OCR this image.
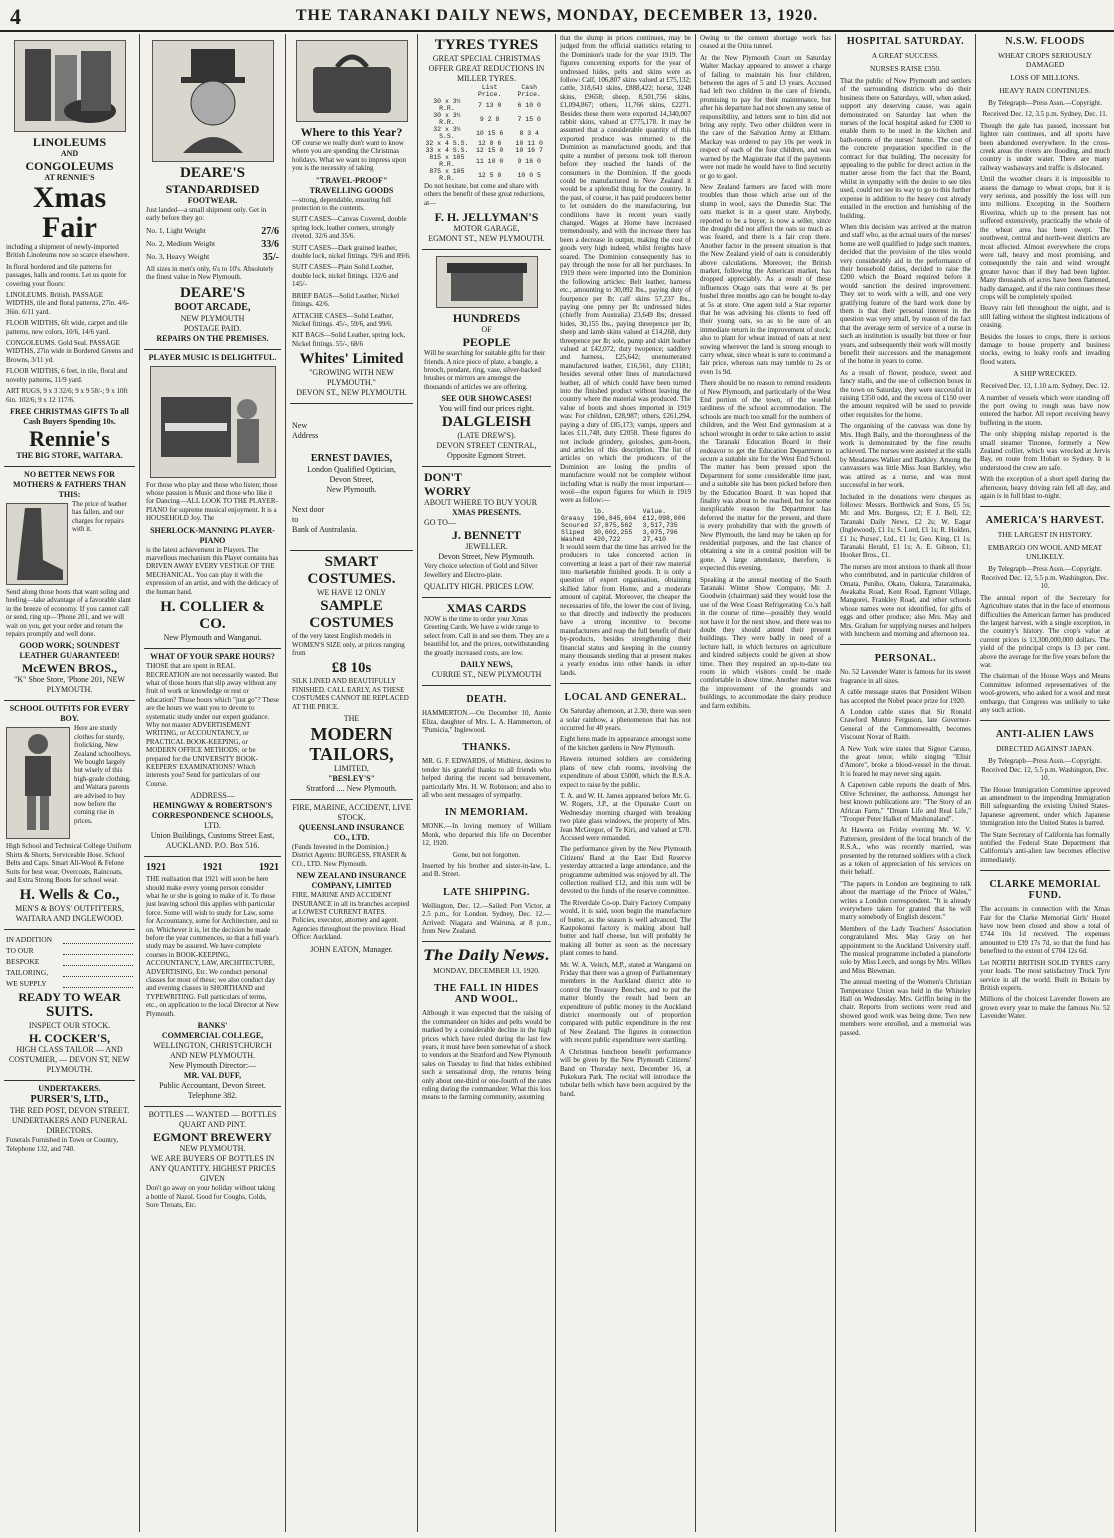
4	THE TARANAKI DAILY NEWS, MONDAY, DECEMBER 13, 1920.
LINOLEUMS
AND
CONGOLEUMS
AT RENNIE'S
Xmas Fair

including a shipment of newly-imported British Linoleums now so scarce elsewhere.

In floral bordered and tile patterns for passages, halls and rooms. Let us quote for covering your floors:

LINOLEUMS. British. PASSAGE WIDTHS, tile and floral patterns, 27in. 4/6-36in. 6/11 yard.

FLOOR WIDTHS, 6ft wide, carpet and tile patterns, new colors, 10/6, 14/6 yard.

CONGOLEUMS. Gold Seal. PASSAGE WIDTHS, 27in wide in Bordered Greens and Browns, 3/11 yd.

FLOOR WIDTHS, 6 feet, in tile, floral and novelty patterns, 11/9 yard.

ART RUGS, 9 x 3 32/6; 9 x 9 58/-; 9 x 10ft 6in. 102/6; 9 x 12 117/6.

FREE CHRISTMAS GIFTS To all Cash Buyers Spending 10s.
Rennie's
THE BIG STORE, WAITARA.
NO BETTER NEWS FOR MOTHERS & FATHERS THAN THIS:

The price of leather has fallen, and our charges for repairs with it.

Send along those boots that want soling and heeling—take advantage of a favorable slant in the breeze of economy. If you cannot call or send, ring up—'Phone 201, and we will wait on you, get your order and return the repairs promptly and well done.

GOOD WORK; SOUNDEST LEATHER GUARANTEED!
McEWEN BROS.,
"K" Shoe Store, 'Phone 201, NEW PLYMOUTH.
SCHOOL OUTFITS FOR EVERY BOY.

Here are sturdy clothes for sturdy, frolicking, New Zealand schoolboys. We bought largely but wisely of this high-grade clothing, and Waitara parents are advised to buy now before the coming rise in prices.

High School and Technical College Uniform Shirts & Shorts, Serviceable Hose. School Belts and Caps. Smart All-Wool & Felone Suits for best wear. Overcoats, Raincoats, and Extra Strong Boots for school wear.

H. Wells & Co.,
MEN'S & BOYS' OUTFITTERS, WAITARA AND INGLEWOOD.
IN ADDITION
TO OUR
BESPOKE
TAILORING,
WE SUPPLY
READY TO WEAR
SUITS.
INSPECT OUR STOCK.
H. COCKER'S,
HIGH CLASS TAILOR — AND COSTUMIER, — DEVON ST, NEW PLYMOUTH.
UNDERTAKERS.
PURSER'S, LTD.,
THE RED POST, DEVON STREET.
UNDERTAKERS AND FUNERAL DIRECTORS.

Funerals Furnished in Town or Country, Telephone 132, and 740.

DEARE'S
STANDARDISED
FOOTWEAR.

Just landed—a small shipment only. Get in early before they go:

No. 1, Light Weight	27/6
No. 2, Medium Weight	33/6
No. 3, Heavy Weight	35/-

All sizes in men's only, 6's to 10's. Absolutely the finest value in New Plymouth.

DEARE'S
BOOT ARCADE,
NEW PLYMOUTH
POSTAGE PAID.
REPAIRS ON THE PREMISES.
PLAYER MUSIC IS DELIGHTFUL.

For those who play and those who listen; those whose passion is Music and those who like it for Dancing—ALL LOOK TO THE PLAYER-PIANO for supreme musical enjoyment. It is a HOUSEHOLD Joy. The

SHERLOCK-MANNING PLAYER-PIANO

is the latest achievement in Players. The marvellous mechanism this Player contains has DRIVEN AWAY EVERY VESTIGE OF THE MECHANICAL. You can play it with the expression of an artist, and with the delicacy of the human hand.

H. COLLIER & CO.
New Plymouth and Wanganui.
WHAT OF YOUR SPARE HOURS?

THOSE that are spent in REAL RECREATION are not necessarily wasted. But what of those hours that slip away without any fruit of work or knowledge or rest or education? Those hours which "just go"? These are the hours we want you to devote to systematic study under our expert guidance. Why not master ADVERTISEMENT WRITING, or ACCOUNTANCY, or PRACTICAL BOOK-KEEPING, or MODERN OFFICE METHODS; or be prepared for the UNIVERSITY BOOK-KEEPERS' EXAMINATIONS? Which interests you? Send for particulars of our Course.

ADDRESS—
HEMINGWAY & ROBERTSON'S CORRESPONDENCE SCHOOLS,
LTD.
Union Buildings, Customs Street East, AUCKLAND. P.O. Box 516.
1921	1921	1921

THE realisation that 1921 will soon be here should make every young person consider what he or she is going to make of it. To those just leaving school this applies with particular force. Some will wish to study for Law, some for Accountancy, some for Architecture, and so on. Whichever it is, let the decision be made before the year commences, so that a full year's study may be assured. We have complete courses in BOOK-KEEPING, ACCOUNTANCY, LAW, ARCHITECTURE, ADVERTISING, Etc. We conduct personal classes for most of these; we also conduct day and evening classes in SHORTHAND and TYPEWRITING. Full particulars of terms, etc., on application to the local Director at New Plymouth.

BANKS'
COMMERCIAL COLLEGE,
WELLINGTON, CHRISTCHURCH AND NEW PLYMOUTH.
New Plymouth Director:—
MR. VAL DUFF,
Public Accountant, Devon Street. Telephone 382.
BOTTLES — WANTED — BOTTLES QUART AND PINT.
EGMONT BREWERY
NEW PLYMOUTH.
WE ARE BUYERS OF BOTTLES IN ANY QUANTITY. HIGHEST PRICES GIVEN

Don't go away on your holiday without taking a bottle of Nazol. Good for Coughs, Colds, Sore Throats, Etc.

Where to this Year?

OF course we really don't want to know where you are spending the Christmas holidays. What we want to impress upon you is the necessity of taking

"TRAVEL-PROOF"
TRAVELLING GOODS

—strong, dependable, ensuring full protection to the contents.

SUIT CASES—Canvas Covered, double spring lock, leather corners, strongly riveted. 32/6 and 35/6.

SUIT CASES—Dark grained leather, double lock, nickel fittings. 79/6 and 89/6.

SUIT CASES—Plain Solid Leather, double lock, nickel fittings. 132/6 and 145/-

BRIEF BAGS—Solid Leather, Nickel fittings. 42/6.

ATTACHE CASES—Solid Leather, Nickel fittings. 45/-, 59/6, and 99/6.

KIT BAGS—Solid Leather, spring lock, Nickel fittings. 55/-, 68/6

Whites' Limited
"GROWING WITH NEW PLYMOUTH."
DEVON ST., NEW PLYMOUTH.
New
Address
ERNEST DAVIES,
London Qualified Optician,
Devon Street,
New Plymouth.
Next door
to
Bank of Australasia.
SMART COSTUMES.
WE HAVE 12 ONLY
SAMPLE
COSTUMES

of the very latest English models in WOMEN'S SIZE only, at prices ranging from

£8 10s

SILK LINED AND BEAUTIFULLY FINISHED. CALL EARLY, AS THESE COSTUMES CANNOT BE REPLACED AT THE PRICE.

THE
MODERN
TAILORS,
LIMITED,
"BESLEY'S"
Stratford .... New Plymouth.
FIRE, MARINE, ACCIDENT, LIVE STOCK.
QUEENSLAND INSURANCE CO., LTD.

(Funds Invested in the Dominion.) District Agents: BURGESS, FRASER & CO., LTD. New Plymouth.

NEW ZEALAND INSURANCE COMPANY, LIMITED

FIRE, MARINE AND ACCIDENT INSURANCE in all its branches accepted at LOWEST CURRENT RATES. Policies, executor, attorney and agent. Agencies throughout the province. Head Office: Auckland.

JOHN EATON, Manager.
TYRES TYRES
GREAT SPECIAL CHRISTMAS OFFER GREAT REDUCTIONS IN MILLER TYRES.
	List Price.	Cash Price.
30 x 3½ R.R.	7 13 0	6 10 0
30 x 3½ R.R.	9 2 8	7 15 0
32 x 3½ S.S.	10 15 6	8 3 4
32 x 4 S.S.	12 8 6	10 11 0
33 x 4 S.S.	12 15 0	10 16 7
815 x 105 R.R.	11 10 0	9 16 0
875 x 105 R.R.	12 5 0	10 0 5

Do not hesitate, but come and share with others the benefit of these great reductions, at—

F. H. JELLYMAN'S
MOTOR GARAGE,
EGMONT ST., NEW PLYMOUTH.
HUNDREDS
OF
PEOPLE

Will be searching for suitable gifts for their friends. A nice piece of plate, a bangle, a brooch, pendant, ring, vase, silver-backed brushes or mirrors are amongst the thousands of articles we are offering.

SEE OUR SHOWCASES!
You will find our prices right.
DALGLEISH
(LATE DREW'S).
DEVON STREET CENTRAL, Opposite Egmont Street.
DON'T
WORRY
ABOUT WHERE TO BUY YOUR
XMAS PRESENTS.
GO TO—
J. BENNETT
JEWELLER.
Devon Street, New Plymouth.

Very choice selection of Gold and Silver Jewellery and Electro-plate.

QUALITY HIGH. PRICES LOW.
XMAS CARDS

NOW is the time to order your Xmas Greeting Cards. We have a wide range to select from. Call in and see them. They are a beautiful lot, and the prices, notwithstanding the greatly increased costs, are low.

DAILY NEWS,
CURRIE ST., NEW PLYMOUTH
DEATH.

HAMMERTON.—On December 10, Annie Eliza, daughter of Mrs. L. A. Hammerton, of "Pumicia," Inglewood.

THANKS.

MR. G. F. EDWARDS, of Midhirst, desires to tender his grateful thanks to all friends who helped during the recent sad bereavement, particularly Mrs. H. W. Robinson; and also to all who sent messages of sympathy.

IN MEMORIAM.

MONK.—In loving memory of William Monk, who departed this life on December 12, 1920.

Gone, but not forgotten.

Inserted by his brother and sister-in-law, L. and B. Street.

LATE SHIPPING.

Wellington, Dec. 12.—Sailed: Port Victor, at 2.5 p.m., for London. Sydney, Dec. 12.—Arrived: Niagara and Wairuna, at 8 p.m., from New Zealand.

The Daily News.
MONDAY, DECEMBER 13, 1920.
THE FALL IN HIDES AND WOOL.

Although it was expected that the raising of the commandeer on hides and pelts would be marked by a considerable decline in the high prices which have ruled during the last few years, it must have been somewhat of a shock to vendors at the Stratford and New Plymouth sales on Tuesday to find that hides exhibited such a sensational drop, the returns being only about one-third or one-fourth of the rates ruling during the commandeer. What this loss means to the farming community, assuming

that the slump in prices continues, may be judged from the official statistics relating to the Dominion's trade for the year 1919. The figures concerning exports for the year of undressed hides, pelts and skins were as follow: Calf, 106,807 skins valued at £75,132; cattle, 318,641 skins, £888,422; horse, 3248 skins, £9658; sheep, 8,501,756 skins, £1,094,867; others, 11,766 skins, £2271. Besides these there were exported 14,340,007 rabbit skins, valued at £775,178. It may be assumed that a considerable quantity of this exported produce was returned to the Dominion as manufactured goods, and that quite a number of persons took toll thereon before they reached the hands of the consumers in the Dominion. If the goods could be manufactured in New Zealand it would be a splendid thing for the country. In the past, of course, it has paid producers better to let outsiders do the manufacturing, but conditions have in recent years vastly changed. Wages at Home have increased tremendously, and with the increase there has been a decrease in output, making the cost of goods very high indeed, whilst freights have soared. The Dominion consequently has to pay through the nose for all her purchases. In 1919 there were imported into the Dominion the following articles: Belt leather, harness etc., amounting to 30,092 lbs., paying duty of fourpence per lb; calf skins 57,237 lbs., paying one penny per lb; undressed hides (chiefly from Australia) 23,649 lbs; dressed hides, 30,155 lbs., paying threepence per lb; sheep and lamb skins valued at £14,268, duty threepence per lb; sole, pump and skirt leather valued at £42,072, duty twopence; saddlery and harness, £25,642; unenumerated manufactured leather, £16,561, duty £3181; besides several other lines of manufactured leather, all of which could have been turned into the finished product without leaving the country where the material was produced. The value of boots and shoes imported in 1919 was: For children, £28,987; others, £261,294, paying a duty of £85,173; vamps, uppers and laces £11,748, duty £2058. These figures do not include grindery, goloshes, gum-boots, and articles of this description. The list of articles on which the producers of the Dominion are losing the profits of manufacture would not be complete without including what is really the most important—wool—the export figures for which in 1919 were as follow:—

	lb.	Value.
Greasy	196,845,604	£12,098,006
Scoured	37,875,562	3,517,735
Sliped	30,602,255	3,075,796
Washed	420,722	27,410

It would seem that the time has arrived for the producers to take concerted action in converting at least a part of their raw material into marketable finished goods. It is only a question of expert organisation, obtaining skilled labor from Home, and a moderate amount of capital. Moreover, the cheaper the necessaries of life, the lower the cost of living, so that directly and indirectly the producers have a strong incentive to become manufacturers and reap the full benefit of their by-products, besides strengthening their financial status and keeping in the country many thousands sterling that at present makes a yearly exodus into other hands in other lands.

LOCAL AND GENERAL.

On Saturday afternoon, at 2.30, there was seen a solar rainbow, a phenomenon that has not occurred for 40 years.

Eight hens made its appearance amongst some of the kitchen gardens in New Plymouth.

Hawera returned soldiers are considering plans of new club rooms, involving the expenditure of about £5000, which the R.S.A. expect to raise by the public.

T. A. and W. H. James appeared before Mr. G. W. Rogers, J.P., at the Opunake Court on Wednesday morning charged with breaking two plate glass windows, the property of Mrs. Jean McGregor, of Te Kiri, and valued at £70. Accused were remanded.

The performance given by the New Plymouth Citizens' Band at the East End Reserve yesterday attracted a large attendance, and the programme submitted was enjoyed by all. The collection realised £12, and this sum will be devoted to the funds of the reserve committee.

The Riverdale Co-op. Dairy Factory Company would, it is said, soon begin the manufacture of butter, as the season is well advanced. The Kaupokonui factory is making about half butter and half cheese, but will probably be making all butter as soon as the necessary plant comes to hand.

Mr. W. A. Veitch, M.P., stated at Wanganui on Friday that there was a group of Parliamentary members in the Auckland district able to control the Treasury Benches, and to put the matter bluntly the result had been an expenditure of public money in the Auckland district enormously out of proportion compared with public expenditure in the rest of New Zealand. The figures in connection with recent public expenditure were startling.

A Christmas luncheon benefit performance will be given by the New Plymouth Citizens' Band on Thursday next, December 16, at Pukekura Park. The recital will introduce the tubular bells which have been acquired by the band.

Owing to the cement shortage work has ceased at the Otira tunnel.

At the New Plymouth Court on Saturday Walter Mackay appeared to answer a charge of failing to maintain his four children, between the ages of 5 and 13 years. Accused had left two children in the care of friends, promising to pay for their maintenance, but after his departure had not shown any sense of responsibility, and letters sent to him did not bring any reply. Two other children were in the care of the Salvation Army at Eltham. Mackay was ordered to pay 10s per week in respect of each of the four children, and was warned by the Magistrate that if the payments were not made he would have to find security or go to gaol.

New Zealand farmers are faced with more troubles than those which arise out of the slump in wool, says the Dunedin Star. The oats market is in a queer state. Anybody, reported to be a buyer, is now a seller, since the drought did not affect the oats so much as was feared, and there is a fair crop there. Another factor in the present situation is that the New Zealand yield of oats is considerably above calculations. Moreover, the British market, following the American market, has dropped appreciably. As a result of these influences Otago oats that were at 9s per bushel three months ago can be bought to-day at 5s at store. One agent told a Star reporter that he was advising his clients to feed off their young oats, so as to be sure of an immediate return in the improvement of stock; also to plant for wheat instead of oats at next sowing wherever the land is strong enough to carry wheat, since wheat is sure to command a fair price, whereas oats may tumble to 2s or even 1s 9d.

There should be no reason to remind residents of New Plymouth, and particularly of the West End portion of the town, of the woeful tardiness of the school accommodation. The schools are much too small for the numbers of children, and the West End gymnasium at a school wrought in order to take action to assist the Taranaki Education Board in their endeavor to get the Education Department to secure a suitable site for the West End School. The matter has been pressed upon the Department for some considerable time past, and a suitable site has been picked before then by the Education Board. It was hoped that finality was about to be reached, but for some inexplicable reason the Department has deferred the matter for the present, and there is every probability that with the growth of New Plymouth, the land may be taken up for residential purposes, and the last chance of obtaining a site in a central position will be gone. A large attendance, therefore, is expected this evening.

Speaking at the annual meeting of the South Taranaki Winter Show Company, Mr. J. Goodwin (chairman) said they would lose the use of the West Coast Refrigerating Co.'s hall in the course of time—possibly they would not have it for the next show, and there was no doubt they should attend their present buildings. They were badly in need of a lecture hall, in which lectures on agriculture and kindred subjects could be given at show time. Then they required an up-to-date tea room in which visitors could be made comfortable in show time. Another matter was the improvement of the grounds and buildings, to accommodate the dairy produce and farm exhibits.

HOSPITAL SATURDAY.
A GREAT SUCCESS.
NURSES RAISE £350.

That the public of New Plymouth and settlers of the surrounding districts who do their business there on Saturdays, will, when asked, support any deserving cause, was again demonstrated on Saturday last when the nurses of the local hospital asked for £300 to enable them to be used in the kitchen and bath-rooms of the nurses' home. The cost of the concrete preparation specified in the contract for that building. The necessity for appealing to the public for direct action in the matter arose from the fact that the Board, whilst in sympathy with the desire to see tiles used, could not see its way to go to this further expense in addition to the heavy cost already entailed in the erection and furnishing of the building.

When this decision was arrived at the matron and staff who, as the actual users of the nurses' home are well qualified to judge such matters, decided that the provision of the tiles would very considerably aid in the performance of their household duties, decided to raise the £200 which the Board required before it would sanction the desired improvement. They set to work with a will, and one very gratifying feature of the hard work done by them is that their personal interest in the question was very small, by reason of the fact that the average term of service of a nurse in such an institution is usually but three or four years, and subsequently their work will mostly benefit their successors and the management of the home in years to come.

As a result of flower, produce, sweet and fancy stalls, and the use of collection boxes in the town on Saturday, they were successful in raising £350 odd, and the excess of £150 over the amount required will be used to provide other requisites for the home.

The organising of the canvass was done by Mrs. Hugh Baily, and the thoroughness of the work is demonstrated by the fine results achieved. The nurses were assisted at the stalls by Mesdames Walker and Barkley. Among the canvassers was little Miss Joan Barkley, who was attired as a nurse, and was most successful in her work.

Included in the donations were cheques as follows: Messrs. Borthwick and Sons, £5 5s; Mr. and Mrs. Burgess, £2; F. J. Bell, £2; Taranaki Daily News, £2 2s; W. Eagar (Inglewood), £1 1s; S. Lord, £1 1s; R. Holden, £1 1s; Purses', Ltd., £1 1s; Geo. King, £1 1s; Taranaki Herald, £1 1s; A. E. Gibson, £1; Hooker Bros., £1.

The nurses are most anxious to thank all those who contributed, and in particular children of Omata, Puniho, Okato, Oakura, Tataraimaka, Awakaha Road, Kent Road, Egmont Village, Mangorei, Frankley Road, and other schools whose names were not identified, for gifts of eggs and other produce; also Mrs. May and Mrs. Graham for supplying nurses and helpers with luncheon and morning and afternoon tea.

PERSONAL.

No. 52 Lavender Water is famous for its sweet fragrance in all sizes.

A cable message states that President Wilson has accepted the Nobel peace prize for 1920.

A London cable states that Sir Ronald Crawford Munro Ferguson, late Governor-General of the Commonwealth, becomes Viscount Novar of Raith.

A New York wire states that Signor Caruso, the great tenor, while singing "Elisir d'Amore", broke a blood-vessel in the throat. It is feared he may never sing again.

A Capetown cable reports the death of Mrs. Olive Schreiner, the authoress. Amongst her best known publications are: "The Story of an African Farm," "Dream Life and Real Life," "Trooper Peter Halket of Mashonaland".

At Hawera on Friday evening Mr. W. V. Patterson, president of the local branch of the R.S.A., who was recently married, was presented by the returned soldiers with a clock as a token of appreciation of his services on their behalf.

"The papers in London are beginning to talk about the marriage of the Prince of Wales," writes a London correspondent. "It is already everywhere taken for granted that he will marry somebody of English descent."

Members of the Lady Teachers' Association congratulated Mrs. May Gray on her appointment to the Auckland University staff. The musical programme included a pianoforte solo by Miss Leech, and songs by Mrs. Wilkes and Miss Blewman.

The annual meeting of the Women's Christian Temperance Union was held in the Whiteley Hall on Wednesday. Mrs. Griffin being in the chair. Reports from sections were read and showed good work was being done. Two new members were enrolled, and a memorial was passed.

N.S.W. FLOODS
WHEAT CROPS SERIOUSLY DAMAGED
LOSS OF MILLIONS.
HEAVY RAIN CONTINUES.

By Telegraph—Press Assn.—Copyright.

Received Dec. 12, 3.5 p.m. Sydney, Dec. 11.

Though the gale has passed, incessant but lighter rain continues, and all sports have been abandoned everywhere. In the cross-creek areas the rivers are flooding, and much country is under water. There are many railway washaways and traffic is dislocated.

Until the weather clears it is impossible to assess the damage to wheat crops, but it is very serious, and possibly the loss will run into millions. Excepting in the Southern Riverina, which up to the present has not suffered extensively, practically the whole of the wheat area has been swept. The southwest, central and north-west districts are most affected. Almost everywhere the crops were tall, heavy and most promising, and consequently the rain and wind wrought greater havoc than if they had been lighter. Many thousands of acres have been flattened, badly damaged, and if the rain continues these crops will be completely spoiled.

Heavy rain fell throughout the night, and is still falling without the slightest indications of ceasing.

Besides the losses to crops, there is serious damage to house property and business stocks, owing to leaky roofs and invading flood waters.

A SHIP WRECKED.

Received Dec. 13, 1.10 a.m. Sydney, Dec. 12.

A number of vessels which were standing off the port owing to rough seas have now entered the harbor. All report receiving heavy buffeting in the storm.

The only shipping mishap reported is the small steamer Tinonee, formerly a New Zealand collier, which was wrecked at Jervis Bay, en route from Hobart to Sydney. It is understood the crew are safe.

With the exception of a short spell during the afternoon, heavy driving rain fell all day, and again is in full blast to-night.

AMERICA'S HARVEST.
THE LARGEST IN HISTORY.
EMBARGO ON WOOL AND MEAT UNLIKELY.

By Telegraph—Press Assn.—Copyright. Received Dec. 12, 5.5 p.m. Washington, Dec. 10.

The annual report of the Secretary for Agriculture states that in the face of enormous difficulties the American farmer has produced the largest harvest, with a single exception, in the country's history. The crop's value at current prices is 13,300,000,000 dollars. The yield of the principal crops is 13 per cent. above the average for the five years before the war.

The chairman of the House Ways and Means Committee informed representatives of the wool-growers, who asked for a wool and meat embargo, that Congress was unlikely to take any such action.

ANTI-ALIEN LAWS
DIRECTED AGAINST JAPAN.

By Telegraph—Press Assn.—Copyright. Received Dec. 12, 5.5 p.m. Washington, Dec. 10.

The House Immigration Committee approved an amendment to the impending Immigration Bill safeguarding the existing United States-Japanese agreement, under which Japanese immigration into the United States is barred.

The State Secretary of California has formally notified the Federal State Department that California's anti-alien law becomes effective immediately.

CLARKE MEMORIAL FUND.

The accounts in connection with the Xmas Fair for the Clarke Memorial Girls' Hostel have now been closed and show a total of £744 10s 1d received. The expenses amounted to £39 17s 7d, so that the fund has benefited to the extent of £704 12s 6d.

Let NORTH BRITISH SOLID TYRES carry your loads. The most satisfactory Truck Tyre service in all the world. Built in Britain by British experts.

Millions of the choicest Lavender flowers are grown every year to make the famous No. 52 Lavender Water.
